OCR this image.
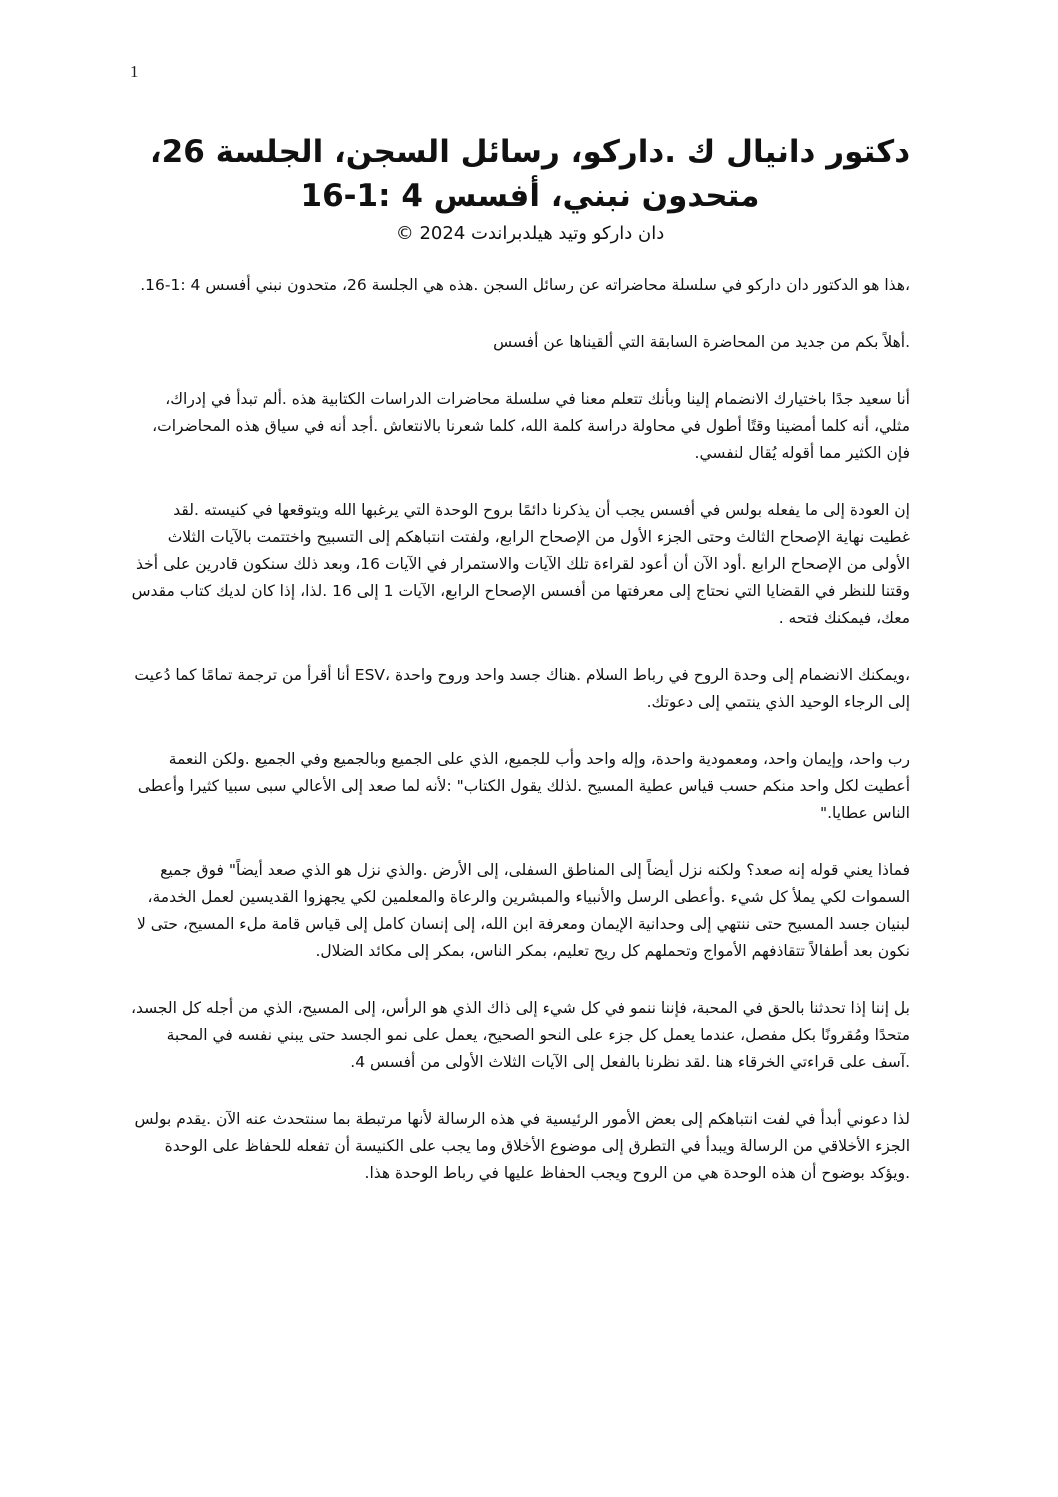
1
دكتور دانيال ك .داركو، رسائل السجن، الجلسة 26، متحدون نبني، أفسس 4 :1-16
دان داركو وتيد هيلدبراندت 2024 ©

،هذا هو الدكتور دان داركو في سلسلة محاضراته عن رسائل السجن .هذه هي الجلسة 26، متحدون نبني أفسس 4 :1-16.

.أهلاً بكم من جديد من المحاضرة السابقة التي ألقيناها عن أفسس

أنا سعيد جدًا باختيارك الانضمام إلينا وبأنك تتعلم معنا في سلسلة محاضرات الدراسات الكتابية هذه .ألم تبدأ في إدراك، مثلي، أنه كلما أمضينا وقتًا أطول في محاولة دراسة كلمة الله، كلما شعرنا بالانتعاش .أجد أنه في سياق هذه المحاضرات، فإن الكثير مما أقوله يُقال لنفسي.

إن العودة إلى ما يفعله بولس في أفسس يجب أن يذكرنا دائمًا بروح الوحدة التي يرغبها الله ويتوقعها في كنيسته .لقد غطيت نهاية الإصحاح الثالث وحتى الجزء الأول من الإصحاح الرابع، ولفتت انتباهكم إلى التسبيح واختتمت بالآيات الثلاث الأولى من الإصحاح الرابع .أود الآن أن أعود لقراءة تلك الآيات والاستمرار في الآيات 16، وبعد ذلك سنكون قادرين على أخذ وقتنا للنظر في القضايا التي نحتاج إلى معرفتها من أفسس الإصحاح الرابع، الآيات 1 إلى 16 .لذا، إذا كان لديك كتاب مقدس معك، فيمكنك فتحه .

،ويمكنك الانضمام إلى وحدة الروح في رباط السلام .هناك جسد واحد وروح واحدة ،ESV أنا أقرأ من ترجمة تمامًا كما دُعيت إلى الرجاء الوحيد الذي ينتمي إلى دعوتك.

رب واحد، وإيمان واحد، ومعمودية واحدة، وإله واحد وأب للجميع، الذي على الجميع وبالجميع وفي الجميع .ولكن النعمة أعطيت لكل واحد منكم حسب قياس عطية المسيح .لذلك يقول الكتاب" :لأنه لما صعد إلى الأعالي سبى سبيا كثيرا وأعطى الناس عطايا."

فماذا يعني قوله إنه صعد؟ ولكنه نزل أيضاً إلى المناطق السفلى، إلى الأرض .والذي نزل هو الذي صعد أيضاً" فوق جميع السموات لكي يملأ كل شيء .وأعطى الرسل والأنبياء والمبشرين والرعاة والمعلمين لكي يجهزوا القديسين لعمل الخدمة، لبنيان جسد المسيح حتى ننتهي إلى وحدانية الإيمان ومعرفة ابن الله، إلى إنسان كامل إلى قياس قامة ملء المسيح، حتى لا نكون بعد أطفالاً تتقاذفهم الأمواج وتحملهم كل ريح تعليم، بمكر الناس، بمكر إلى مكائد الضلال.

بل إننا إذا تحدثنا بالحق في المحبة، فإننا ننمو في كل شيء إلى ذاك الذي هو الرأس، إلى المسيح، الذي من أجله كل الجسد، متحدًا ومُقرونًا بكل مفصل، عندما يعمل كل جزء على النحو الصحيح، يعمل على نمو الجسد حتى يبني نفسه في المحبة .آسف على قراءتي الخرقاء هنا .لقد نظرنا بالفعل إلى الآيات الثلاث الأولى من أفسس 4.

لذا دعوني أبدأ في لفت انتباهكم إلى بعض الأمور الرئيسية في هذه الرسالة لأنها مرتبطة بما سنتحدث عنه الآن .يقدم بولس الجزء الأخلاقي من الرسالة ويبدأ في التطرق إلى موضوع الأخلاق وما يجب على الكنيسة أن تفعله للحفاظ على الوحدة .ويؤكد بوضوح أن هذه الوحدة هي من الروح ويجب الحفاظ عليها في رباط الوحدة هذا.
